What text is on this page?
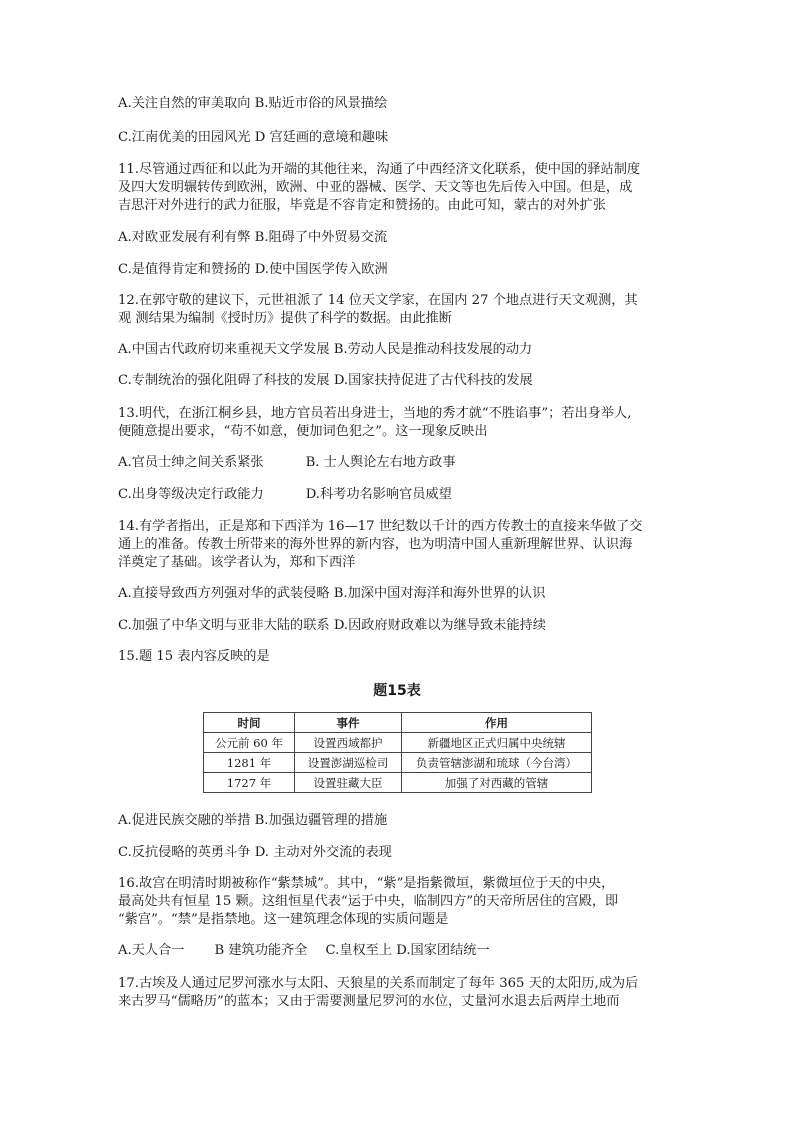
A.关注自然的审美取向 B.贴近市俗的风景描绘
C.江南优美的田园风光 D 宫廷画的意境和趣味
11.尽管通过西征和以此为开端的其他往来，沟通了中西经济文化联系，使中国的驿站制度
及四大发明辗转传到欧洲，欧洲、中亚的器械、医学、天文等也先后传入中国。但是，成
吉思汗对外进行的武力征服，毕竟是不容肯定和赞扬的。由此可知，蒙古的对外扩张
A.对欧亚发展有利有弊 B.阻碍了中外贸易交流
C.是值得肯定和赞扬的 D.使中国医学传入欧洲
12.在郭守敬的建议下，元世祖派了 14 位天文学家，在国内 27 个地点进行天文观测，其
观 测结果为编制《授时历》提供了科学的数据。由此推断
A.中国古代政府切来重视天文学发展 B.劳动人民是推动科技发展的动力
C.专制统治的强化阻碍了科技的发展 D.国家扶持促进了古代科技的发展
13.明代，在浙江桐乡县，地方官员若出身进士，当地的秀才就“不胜谄事”；若出身举人,
便随意提出要求，“苟不如意，便加词色犯之”。这一现象反映出
A.官员士绅之间关系紧张	B. 士人舆论左右地方政事
C.出身等级决定行政能力	D.科考功名影响官员威望
14.有学者指出，正是郑和下西洋为 16—17 世纪数以千计的西方传教士的直接来华做了交
通上的准备。传教士所带来的海外世界的新内容，也为明清中国人重新理解世界、认识海
洋奠定了基础。该学者认为，郑和下西洋
A.直接导致西方列强对华的武装侵略 B.加深中国对海洋和海外世界的认识
C.加强了中华文明与亚非大陆的联系 D.因政府财政难以为继导致未能持续
15.题 15 表内容反映的是
题15表
时间	事件	作用
公元前 60 年	设置西域都护	新疆地区正式归属中央统辖
1281 年	设置澎湖巡检司	负责管辖澎湖和琉球（今台湾）
1727 年	设置驻藏大臣	加强了对西藏的管辖
A.促进民族交融的举措 B.加强边疆管理的措施
C.反抗侵略的英勇斗争 D. 主动对外交流的表现
16.故宫在明清时期被称作“紫禁城”。其中，“紫”是指紫微垣，紫微垣位于天的中央，
最高处共有恒星 15 颗。这组恒星代表“运于中央，临制四方”的天帝所居住的宫殿，即
“紫宫”。“禁”是指禁地。这一建筑理念体现的实质问题是
A.天人合一 B 建筑功能齐全 C.皇权至上 D.国家团结统一
17.古埃及人通过尼罗河涨水与太阳、天狼星的关系而制定了每年 365 天的太阳历,成为后
来古罗马“儒略历”的蓝本；又由于需要测量尼罗河的水位，丈量河水退去后两岸土地而
